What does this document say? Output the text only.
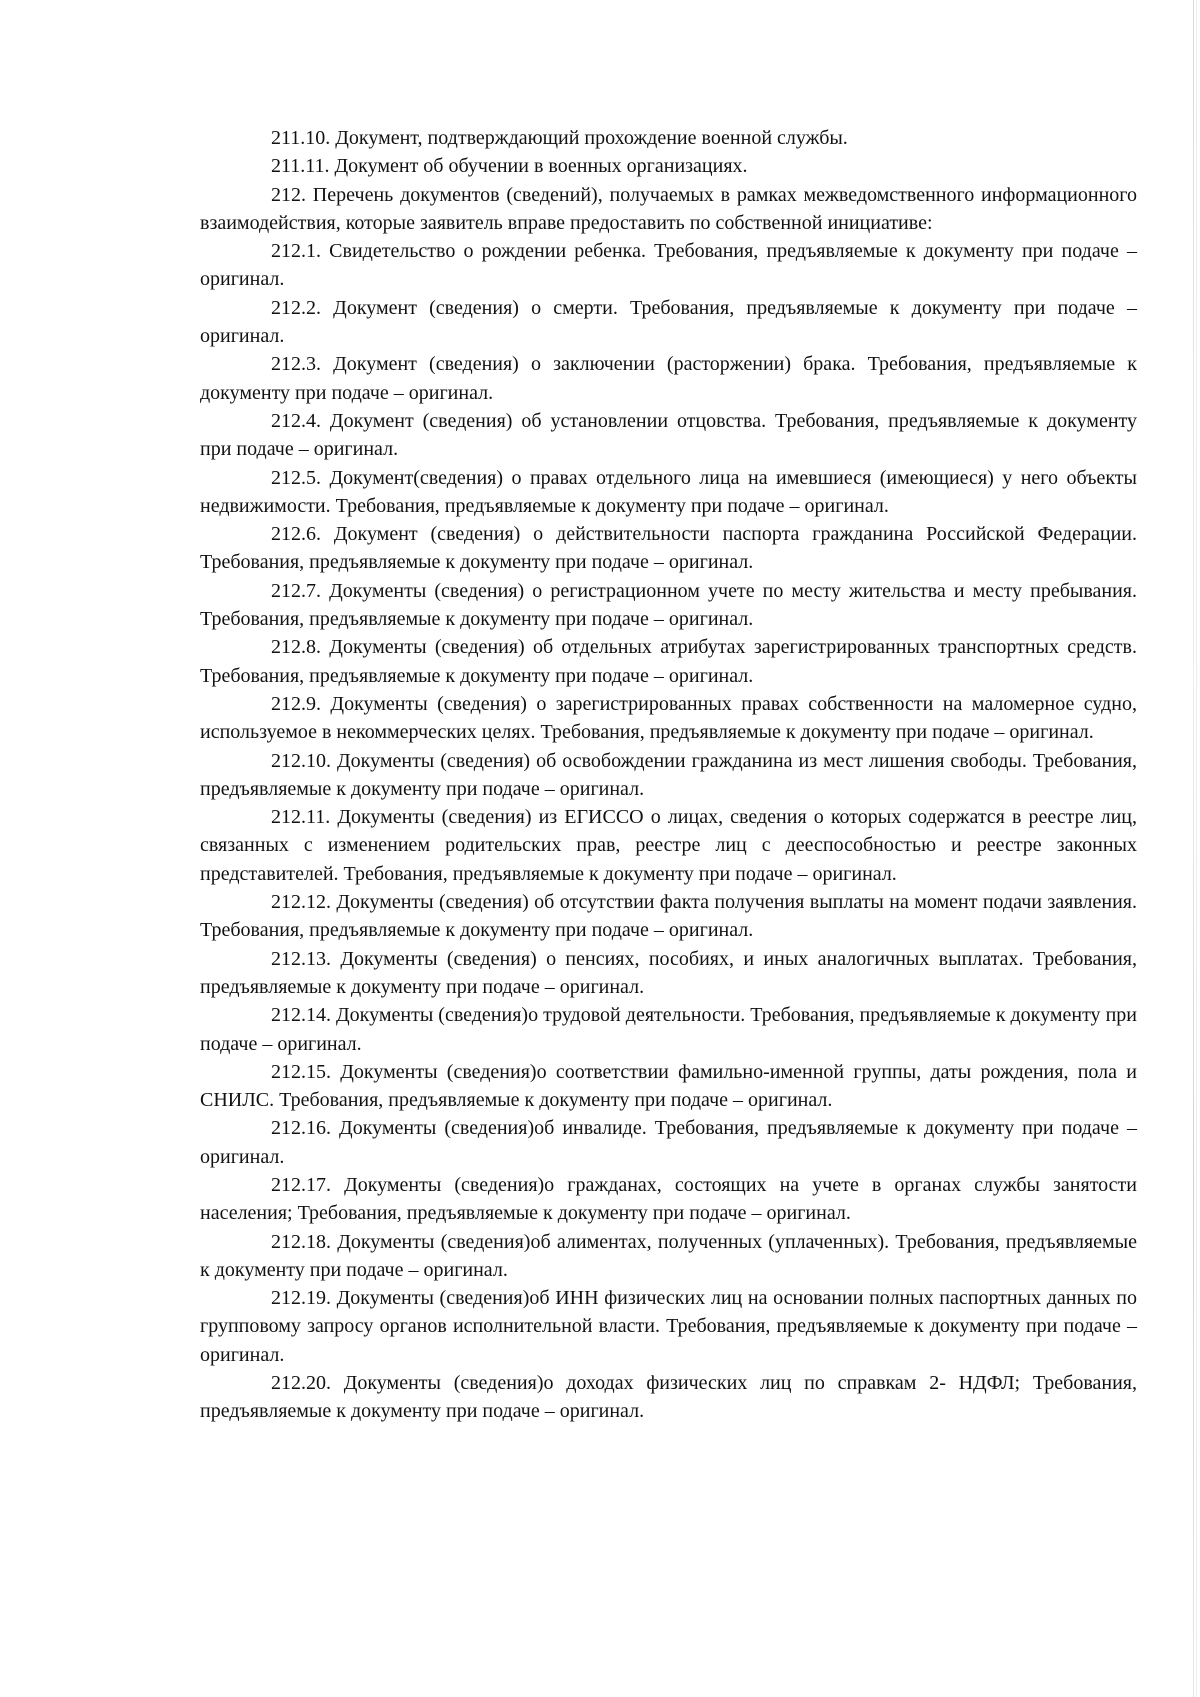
211.10. Документ, подтверждающий прохождение военной службы.

211.11. Документ об обучении в военных организациях.

212. Перечень документов (сведений), получаемых в рамках межведомственного информационного взаимодействия, которые заявитель вправе предоставить по собственной инициативе:

212.1. Свидетельство о рождении ребенка. Требования, предъявляемые к документу при подаче – оригинал.

212.2. Документ (сведения) о смерти. Требования, предъявляемые к документу при подаче – оригинал.

212.3. Документ (сведения) о заключении (расторжении) брака. Требования, предъявляемые к документу при подаче – оригинал.

212.4. Документ (сведения) об установлении отцовства. Требования, предъявляемые к документу при подаче – оригинал.

212.5. Документ(сведения) о правах отдельного лица на имевшиеся (имеющиеся) у него объекты недвижимости. Требования, предъявляемые к документу при подаче – оригинал.

212.6. Документ (сведения) о действительности паспорта гражданина Российской Федерации. Требования, предъявляемые к документу при подаче – оригинал.

212.7. Документы (сведения) о регистрационном учете по месту жительства и месту пребывания. Требования, предъявляемые к документу при подаче – оригинал.

212.8. Документы (сведения) об отдельных атрибутах зарегистрированных транспортных средств. Требования, предъявляемые к документу при подаче – оригинал.

212.9. Документы (сведения) о зарегистрированных правах собственности на маломерное судно, используемое в некоммерческих целях. Требования, предъявляемые к документу при подаче – оригинал.

212.10. Документы (сведения) об освобождении гражданина из мест лишения свободы. Требования, предъявляемые к документу при подаче – оригинал.

212.11. Документы (сведения) из ЕГИССО о лицах, сведения о которых содержатся в реестре лиц, связанных с изменением родительских прав, реестре лиц с дееспособностью и реестре законных представителей. Требования, предъявляемые к документу при подаче – оригинал.

212.12. Документы (сведения) об отсутствии факта получения выплаты на момент подачи заявления. Требования, предъявляемые к документу при подаче – оригинал.

212.13. Документы (сведения) о пенсиях, пособиях, и иных аналогичных выплатах. Требования, предъявляемые к документу при подаче – оригинал.

212.14. Документы (сведения)о трудовой деятельности. Требования, предъявляемые к документу при подаче – оригинал.

212.15. Документы (сведения)о соответствии фамильно-именной группы, даты рождения, пола и СНИЛС. Требования, предъявляемые к документу при подаче – оригинал.

212.16. Документы (сведения)об инвалиде. Требования, предъявляемые к документу при подаче – оригинал.

212.17. Документы (сведения)о гражданах, состоящих на учете в органах службы занятости населения; Требования, предъявляемые к документу при подаче – оригинал.

212.18. Документы (сведения)об алиментах, полученных (уплаченных). Требования, предъявляемые к документу при подаче – оригинал.

212.19. Документы (сведения)об ИНН физических лиц на основании полных паспортных данных по групповому запросу органов исполнительной власти. Требования, предъявляемые к документу при подаче – оригинал.

212.20. Документы (сведения)о доходах физических лиц по справкам 2- НДФЛ; Требования, предъявляемые к документу при подаче – оригинал.
